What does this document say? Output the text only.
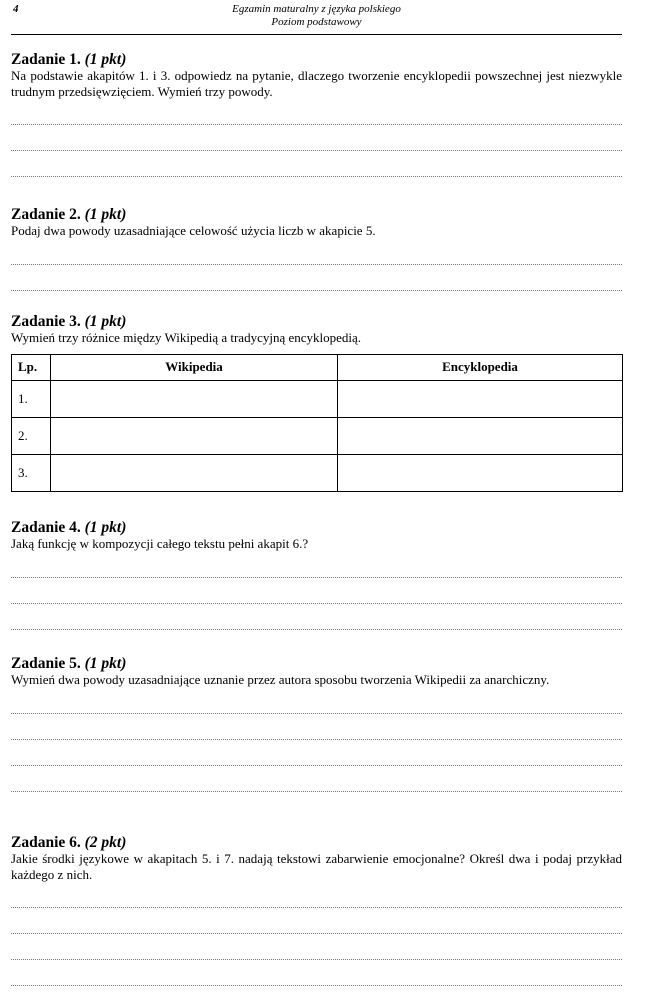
4	Egzamin maturalny z języka polskiego
Poziom podstawowy
Zadanie 1. (1 pkt)

Na podstawie akapitów 1. i 3. odpowiedz na pytanie, dlaczego tworzenie encyklopedii powszechnej jest niezwykle trudnym przedsięwzięciem. Wymień trzy powody.

Zadanie 2. (1 pkt)

Podaj dwa powody uzasadniające celowość użycia liczb w akapicie 5.

Zadanie 3. (1 pkt)

Wymień trzy różnice między Wikipedią a tradycyjną encyklopedią.

Lp.	Wikipedia	Encyklopedia
1.		
2.		
3.		
Zadanie 4. (1 pkt)

Jaką funkcję w kompozycji całego tekstu pełni akapit 6.?

Zadanie 5. (1 pkt)

Wymień dwa powody uzasadniające uznanie przez autora sposobu tworzenia Wikipedii za anarchiczny.

Zadanie 6. (2 pkt)

Jakie środki językowe w akapitach 5. i 7. nadają tekstowi zabarwienie emocjonalne? Określ dwa i podaj przykład każdego z nich.
